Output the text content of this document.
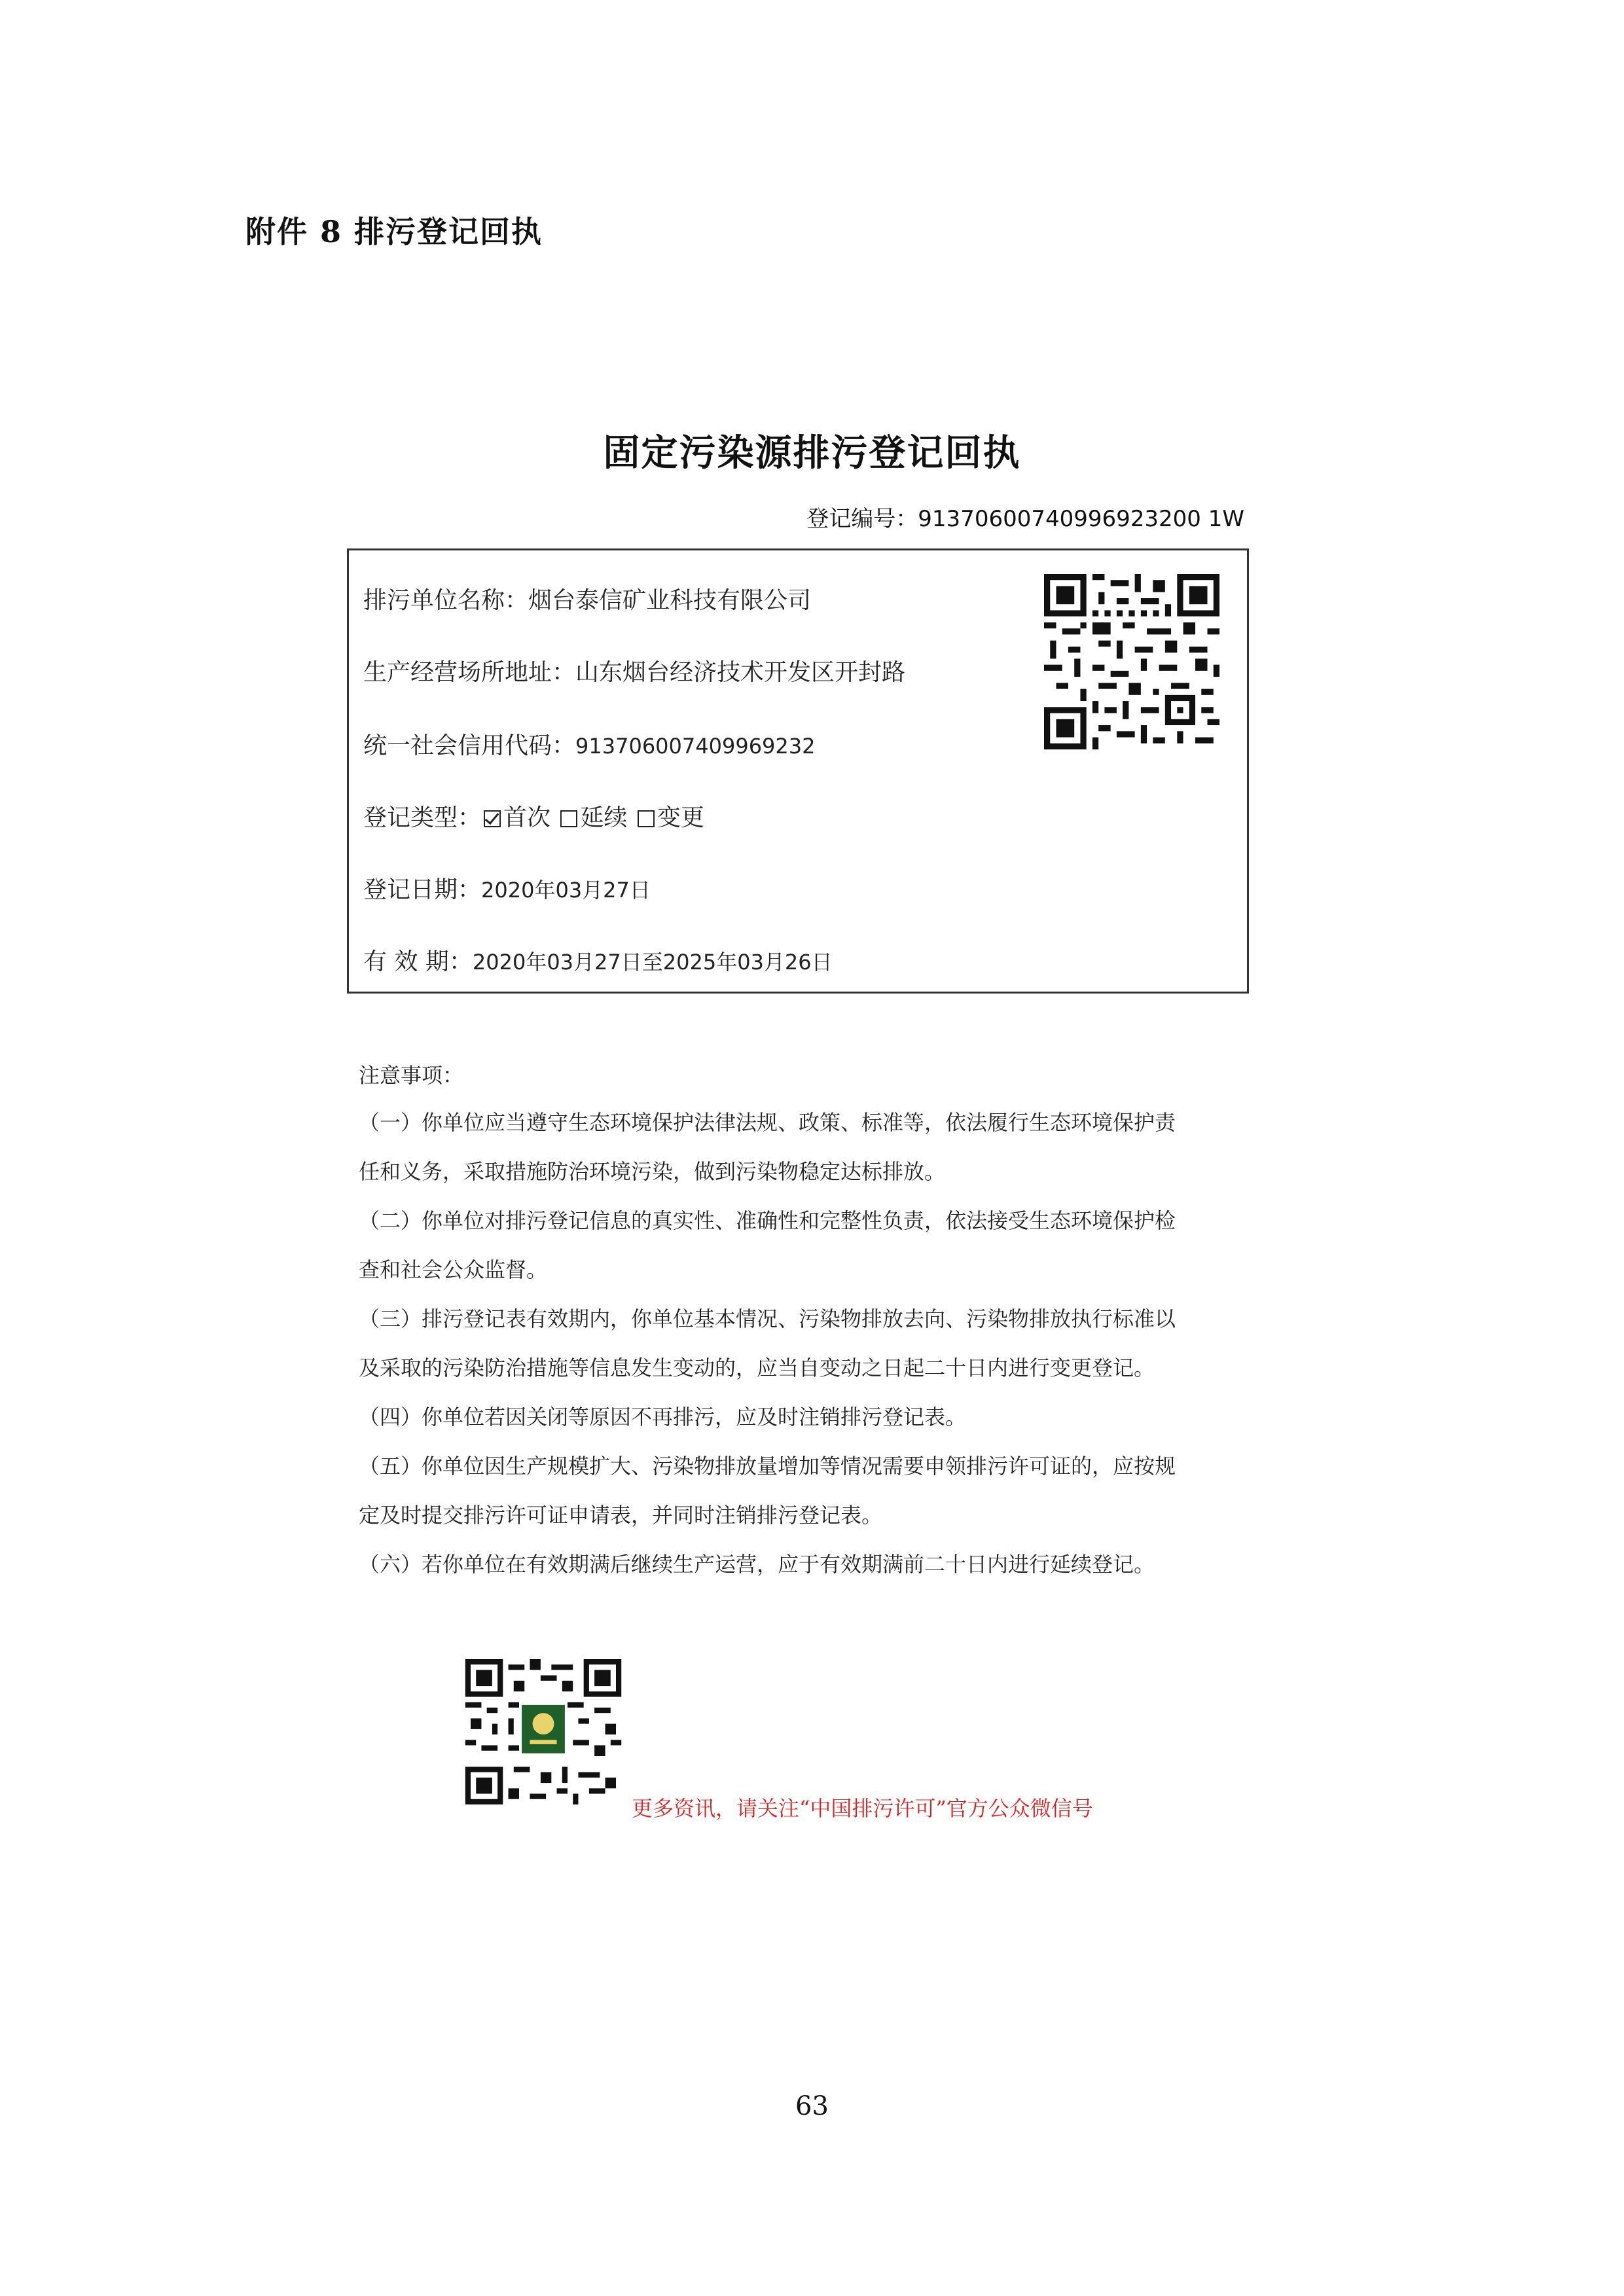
附件 8 排污登记回执
固定污染源排污登记回执
登记编号：91370600740996923200 1W
排污单位名称：烟台泰信矿业科技有限公司
生产经营场所地址：山东烟台经济技术开发区开封路
统一社会信用代码：913706007409969232
登记类型： 首次 延续 变更
登记日期：2020年03月27日
有 效 期：2020年03月27日至2025年03月26日
注意事项：
（一）你单位应当遵守生态环境保护法律法规、政策、标准等，依法履行生态环境保护责
任和义务，采取措施防治环境污染，做到污染物稳定达标排放。
（二）你单位对排污登记信息的真实性、准确性和完整性负责，依法接受生态环境保护检
查和社会公众监督。
（三）排污登记表有效期内，你单位基本情况、污染物排放去向、污染物排放执行标准以
及采取的污染防治措施等信息发生变动的，应当自变动之日起二十日内进行变更登记。
（四）你单位若因关闭等原因不再排污，应及时注销排污登记表。
（五）你单位因生产规模扩大、污染物排放量增加等情况需要申领排污许可证的，应按规
定及时提交排污许可证申请表，并同时注销排污登记表。
（六）若你单位在有效期满后继续生产运营，应于有效期满前二十日内进行延续登记。
更多资讯，请关注“中国排污许可”官方公众微信号
63
